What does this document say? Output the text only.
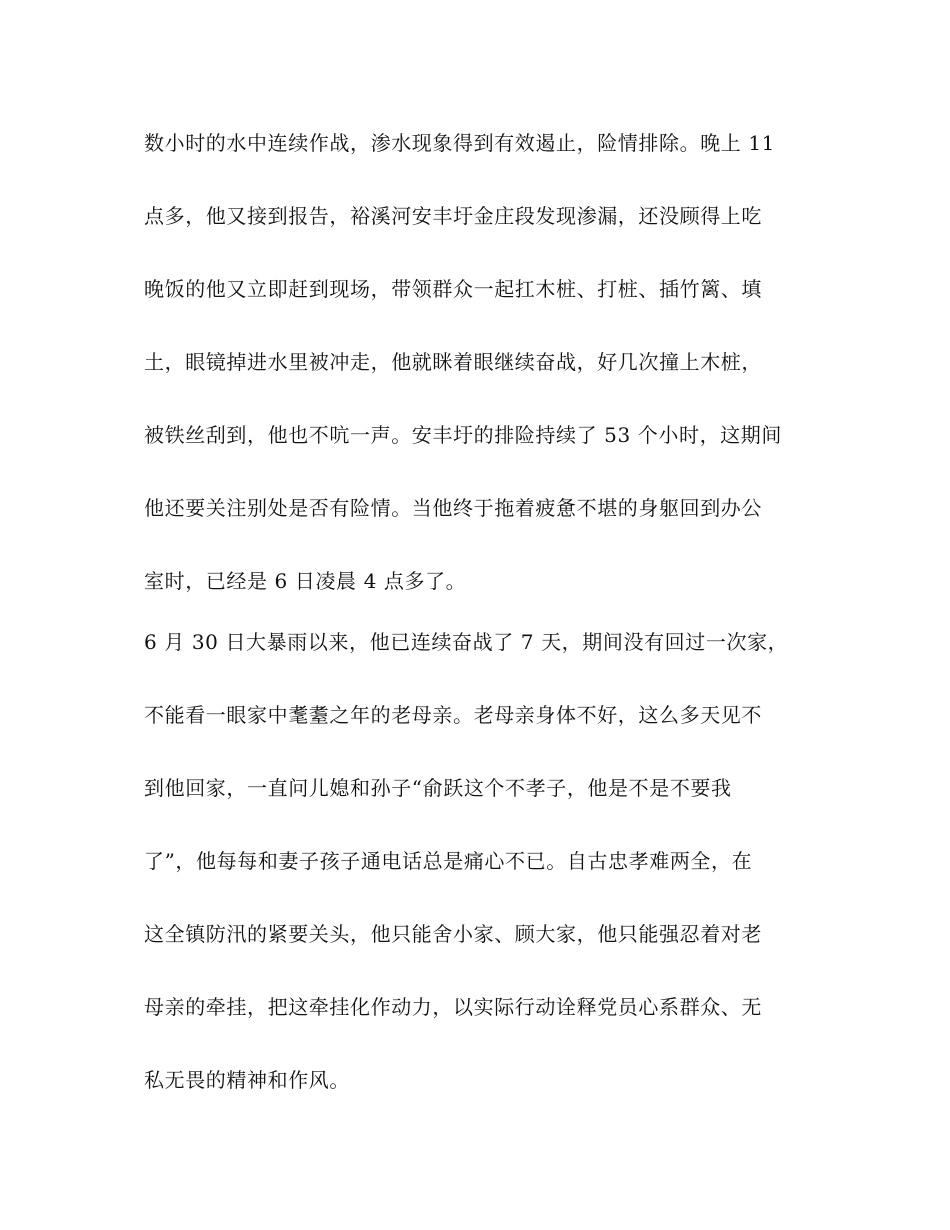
数小时的水中连续作战，渗水现象得到有效遏止，险情排除。晚上 11
点多，他又接到报告，裕溪河安丰圩金庄段发现渗漏，还没顾得上吃
晚饭的他又立即赶到现场，带领群众一起扛木桩、打桩、插竹篱、填
土，眼镜掉进水里被冲走，他就眯着眼继续奋战，好几次撞上木桩，
被铁丝刮到，他也不吭一声。安丰圩的排险持续了 53 个小时，这期间
他还要关注别处是否有险情。当他终于拖着疲惫不堪的身躯回到办公
室时，已经是 6 日凌晨 4 点多了。
6 月 30 日大暴雨以来，他已连续奋战了 7 天，期间没有回过一次家，
不能看一眼家中耄耋之年的老母亲。老母亲身体不好，这么多天见不
到他回家，一直问儿媳和孙子“俞跃这个不孝子，他是不是不要我
了”，他每每和妻子孩子通电话总是痛心不已。自古忠孝难两全，在
这全镇防汛的紧要关头，他只能舍小家、顾大家，他只能强忍着对老
母亲的牵挂，把这牵挂化作动力，以实际行动诠释党员心系群众、无
私无畏的精神和作风。
